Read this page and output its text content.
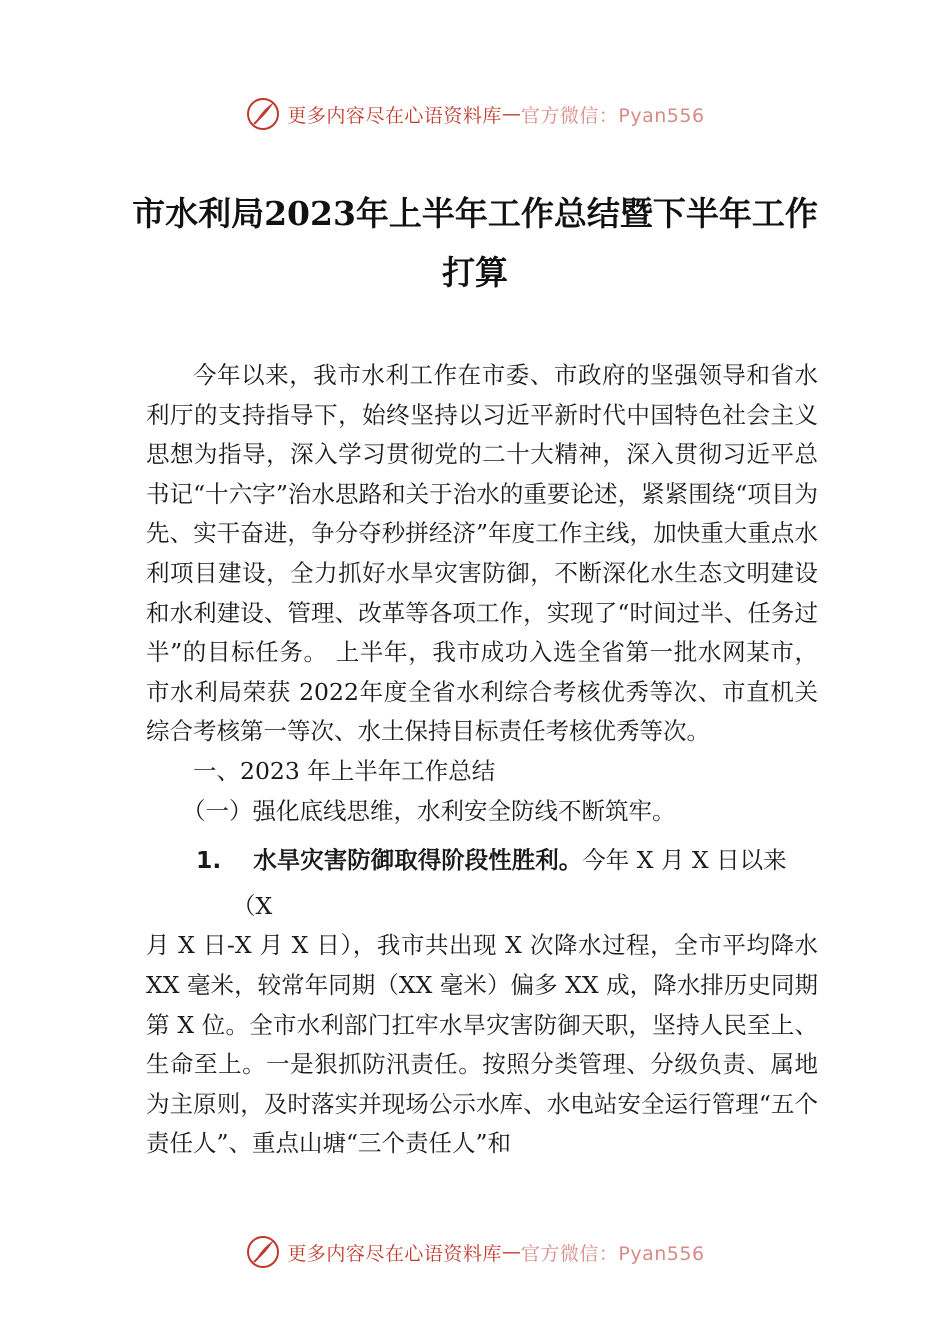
更多内容尽在心语资料库 — 官方微信：Pyan556
市水利局2023年上半年工作总结暨下半年工作打算

今年以来，我市水利工作在市委、市政府的坚强领导和省水利厅的支持指导下，始终坚持以习近平新时代中国特色社会主义思想为指导，深入学习贯彻党的二十大精神，深入贯彻习近平总书记“十六字”治水思路和关于治水的重要论述，紧紧围绕“项目为先、实干奋进，争分夺秒拼经济”年度工作主线，加快重大重点水利项目建设，全力抓好水旱灾害防御，不断深化水生态文明建设和水利建设、管理、改革等各项工作，实现了“时间过半、任务过半”的目标任务。 上半年，我市成功入选全省第一批水网某市，市水利局荣获 2022年度全省水利综合考核优秀等次、市直机关综合考核第一等次、水土保持目标责任考核优秀等次。

一、2023 年上半年工作总结

（一）强化底线思维，水利安全防线不断筑牢。

1. 水旱灾害防御取得阶段性胜利。今年 X 月 X 日以来

（X

月 X 日-X 月 X 日），我市共出现 X 次降水过程，全市平均降水 XX 毫米，较常年同期（XX 毫米）偏多 XX 成，降水排历史同期第 X 位。全市水利部门扛牢水旱灾害防御天职，坚持人民至上、生命至上。一是狠抓防汛责任。按照分类管理、分级负责、属地为主原则，及时落实并现场公示水库、水电站安全运行管理“五个责任人”、重点山塘“三个责任人”和

更多内容尽在心语资料库 — 官方微信：Pyan556
